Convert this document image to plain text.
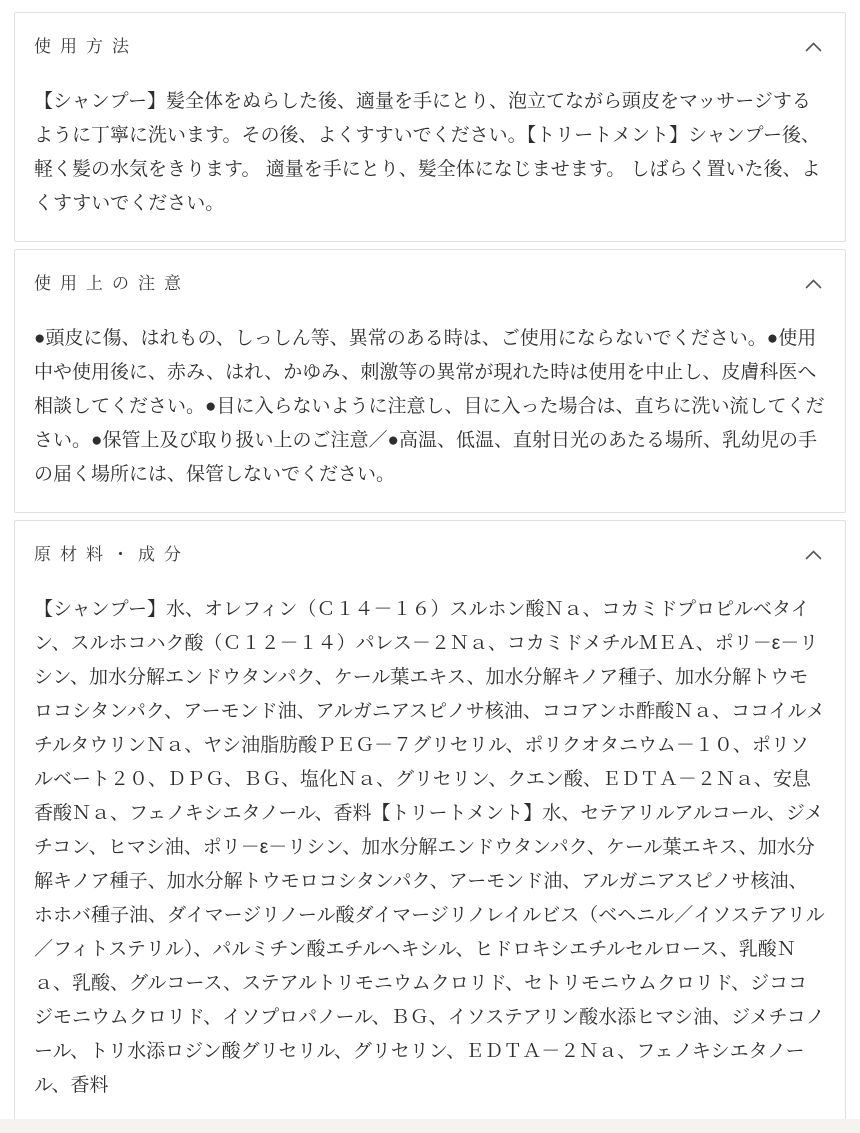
使用方法

【シャンプー】髪全体をぬらした後、適量を手にとり、泡立てながら頭皮をマッサージするように丁寧に洗います。その後、よくすすいでください。【トリートメント】シャンプー後、軽く髪の水気をきります。 適量を手にとり、髪全体になじませます。 しばらく置いた後、よくすすいでください。

使用上の注意

●頭皮に傷、はれもの、しっしん等、異常のある時は、ご使用にならないでください。●使用中や使用後に、赤み、はれ、かゆみ、刺激等の異常が現れた時は使用を中止し、皮膚科医へ相談してください。●目に入らないように注意し、目に入った場合は、直ちに洗い流してください。●保管上及び取り扱い上のご注意／●高温、低温、直射日光のあたる場所、乳幼児の手の届く場所には、保管しないでください。

原材料・成分

【シャンプー】水、オレフィン（Ｃ１４－１６）スルホン酸Ｎａ、コカミドプロピルベタイン、スルホコハク酸（Ｃ１２－１４）パレス－２Ｎａ、コカミドメチルＭＥＡ、ポリ－ε－リシン、加水分解エンドウタンパク、ケール葉エキス、加水分解キノア種子、加水分解トウモロコシタンパク、アーモンド油、アルガニアスピノサ核油、ココアンホ酢酸Ｎａ、ココイルメチルタウリンＮａ、ヤシ油脂肪酸ＰＥＧ－７グリセリル、ポリクオタニウム－１０、ポリソルベート２０、ＤＰＧ、ＢＧ、塩化Ｎａ、グリセリン、クエン酸、ＥＤＴＡ－２Ｎａ、安息香酸Ｎａ、フェノキシエタノール、香料【トリートメント】水、セテアリルアルコール、ジメチコン、ヒマシ油、ポリ－ε－リシン、加水分解エンドウタンパク、ケール葉エキス、加水分解キノア種子、加水分解トウモロコシタンパク、アーモンド油、アルガニアスピノサ核油、ホホバ種子油、ダイマージリノール酸ダイマージリノレイルビス（ベヘニル／イソステアリル／フィトステリル）、パルミチン酸エチルヘキシル、ヒドロキシエチルセルロース、乳酸Ｎａ、乳酸、グルコース、ステアルトリモニウムクロリド、セトリモニウムクロリド、ジココジモニウムクロリド、イソプロパノール、ＢＧ、イソステアリン酸水添ヒマシ油、ジメチコノール、トリ水添ロジン酸グリセリル、グリセリン、ＥＤＴＡ－２Ｎａ、フェノキシエタノール、香料
